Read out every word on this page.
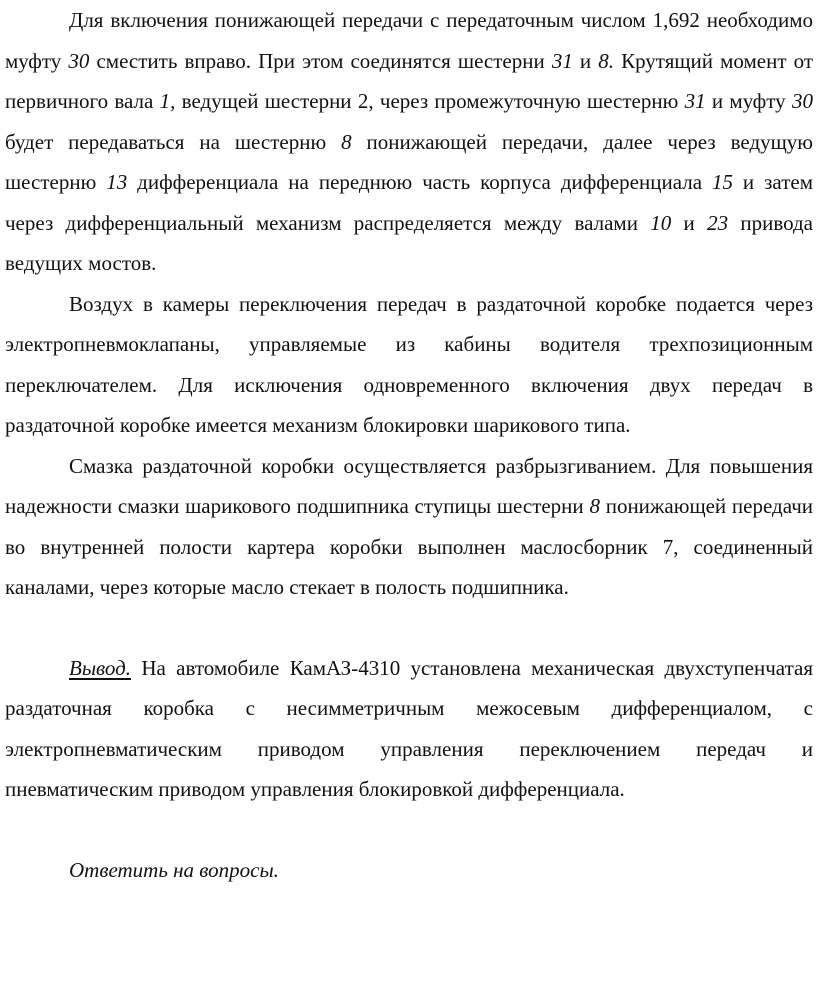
Для включения понижающей передачи с передаточным числом 1,692 необходимо муфту 30 сместить вправо. При этом соединятся шестерни 31 и 8. Крутящий момент от первичного вала 1, ведущей шестерни 2, через промежуточную шестерню 31 и муфту 30 будет передаваться на шестерню 8 понижающей передачи, далее через ведущую шестерню 13 дифференциала на переднюю часть корпуса дифференциала 15 и затем через дифференциальный механизм распределяется между валами 10 и 23 привода ведущих мостов.

Воздух в камеры переключения передач в раздаточной коробке подается через электропневмоклапаны, управляемые из кабины водителя трехпозиционным переключателем. Для исключения одновременного включения двух передач в раздаточной коробке имеется механизм блокировки шарикового типа.

Смазка раздаточной коробки осуществляется разбрызгиванием. Для повышения надежности смазки шарикового подшипника ступицы шестерни 8 понижающей передачи во внутренней полости картера коробки выполнен маслосборник 7, соединенный каналами, через которые масло стекает в полость подшипника.

Вывод. На автомобиле КамАЗ-4310 установлена механическая двухступенчатая раздаточная коробка с несимметричным межосевым дифференциалом, с электропневматическим приводом управления переключением передач и пневматическим приводом управления блокировкой дифференциала.

Ответить на вопросы.
